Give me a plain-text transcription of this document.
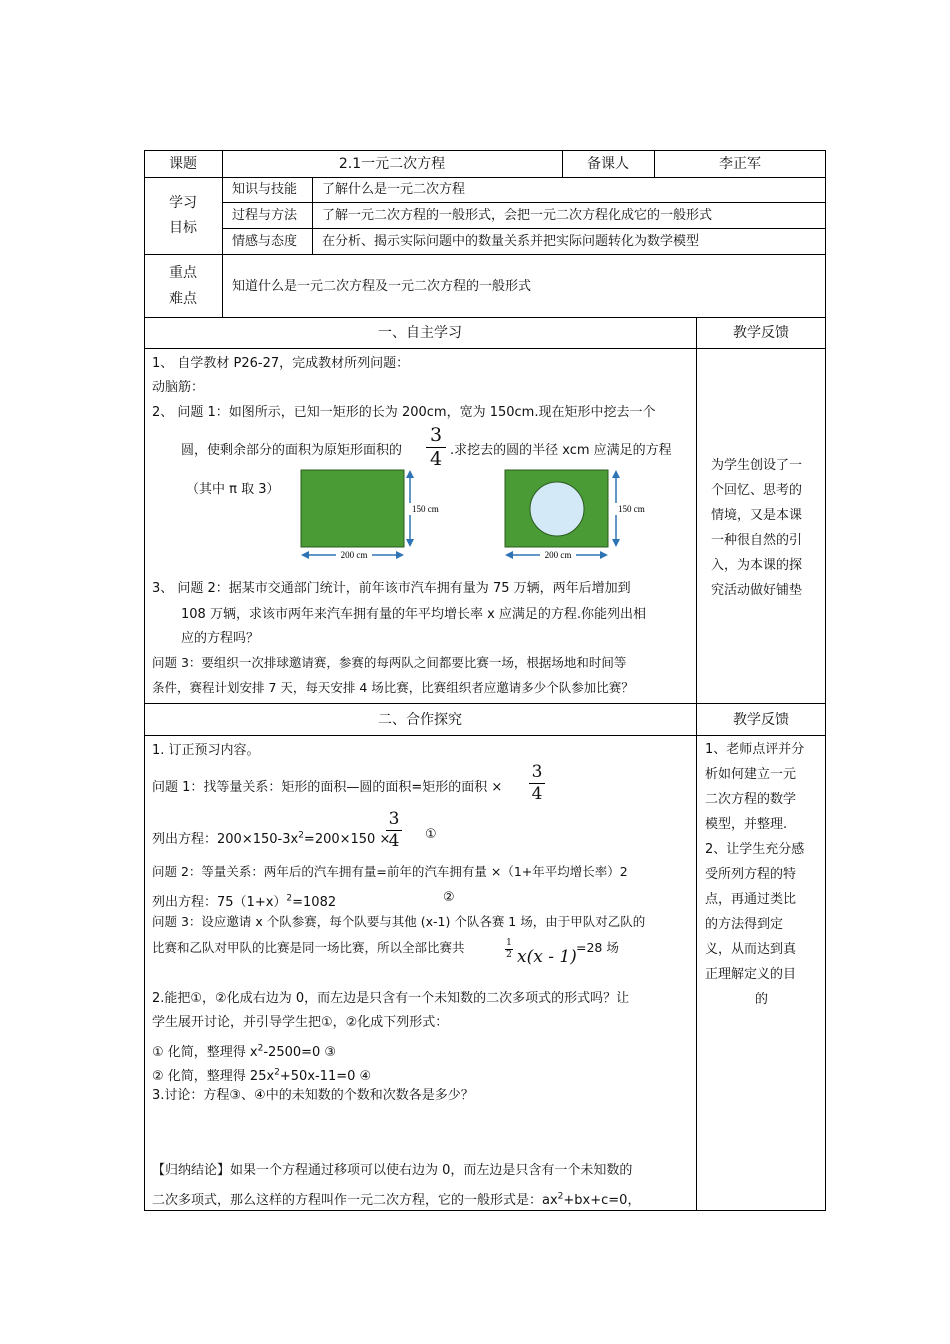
课题	2.1一元二次方程	备课人	李正军
学习
目标
知识与技能 了解什么是一元二次方程
过程与方法 了解一元二次方程的一般形式，会把一元二次方程化成它的一般形式
情感与态度 在分析、揭示实际问题中的数量关系并把实际问题转化为数学模型
重点
难点
知道什么是一元二次方程及一元二次方程的一般形式
一、自主学习	教学反馈
1、 自学教材 P26-27，完成教材所列问题：
动脑筋：
2、 问题 1：如图所示，已知一矩形的长为 200cm，宽为 150cm.现在矩形中挖去一个
圆，使剩余部分的面积为原矩形面积的
3
4 .求挖去的圆的半径 xcm 应满足的方程
（其中 π 取 3）
200 cm
150 cm
200 cm
150 cm
3、 问题 2：据某市交通部门统计，前年该市汽车拥有量为 75 万辆，两年后增加到
108 万辆，求该市两年来汽车拥有量的年平均增长率 x 应满足的方程.你能列出相
应的方程吗？
问题 3：要组织一次排球邀请赛，参赛的每两队之间都要比赛一场，根据场地和时间等
条件，赛程计划安排 7 天，每天安排 4 场比赛，比赛组织者应邀请多少个队参加比赛？
为学生创设了一
个回忆、思考的
情境，又是本课
一种很自然的引
入，为本课的探
究活动做好铺垫
二、合作探究	教学反馈
1. 订正预习内容。
问题 1：找等量关系：矩形的面积—圆的面积=矩形的面积 ×
3
4
列出方程：$200\times 150-3x^2=200\times 150$ ×
3
4 ①
问题 2：等量关系：两年后的汽车拥有量=前年的汽车拥有量 ×（1+年平均增长率）2
列出方程：$75(1+x)^2=1082$	②
问题 3：设应邀请 x 个队参赛，每个队要与其他 (x-1) 个队各赛 1 场，由于甲队对乙队的
比赛和乙队对甲队的比赛是同一场比赛，所以全部比赛共	1
2 x(x - 1) =28 场
2.能把①，②化成右边为 0，而左边是只含有一个未知数的二次多项式的形式吗？让
学生展开讨论，并引导学生把①，②化成下列形式：
① 化简，整理得 $x^2-2500=0$ ③
② 化简，整理得 $25x^2+50x-11=0$ ④
3.讨论：方程③、④中的未知数的个数和次数各是多少？
【归纳结论】如果一个方程通过移项可以使右边为 0，而左边是只含有一个未知数的
二次多项式，那么这样的方程叫作一元二次方程，它的一般形式是：$ax^2+bx+c=0$，
1、老师点评并分
析如何建立一元
二次方程的数学
模型，并整理.
2、让学生充分感
受所列方程的特
点，再通过类比
的方法得到定
义，从而达到真
正理解定义的目
的
